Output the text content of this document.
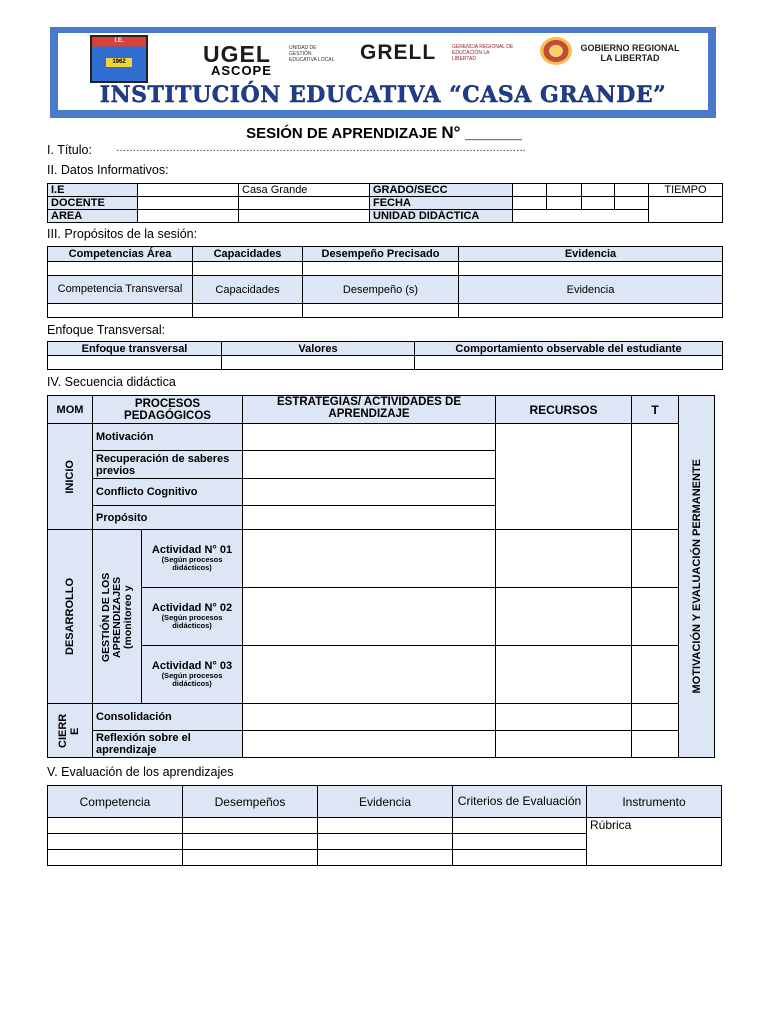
I.E.
1962	UGEL
ASCOPE
UNIDAD DE GESTIÓN EDUCATIVA LOCAL GRELL	GERENCIA REGIONAL DE EDUCACIÓN LA LIBERTAD
GOBIERNO REGIONAL LA LIBERTAD
INSTITUCIÓN EDUCATIVA “CASA GRANDE”
SESIÓN DE APRENDIZAJE N° ______
I. Título: ……………………………………………………………………………………………………………
II. Datos Informativos:
I.E		Casa Grande	GRADO/SECC					TIEMPO
DOCENTE			FECHA					
AREA			UNIDAD DIDÁCTICA					
III. Propósitos de la sesión:
Competencias Área	Capacidades	Desempeño Precisado	Evidencia

Competencia Transversal	Capacidades	Desempeño (s)	Evidencia

Enfoque Transversal:
Enfoque transversal	Valores	Comportamiento observable del estudiante

IV. Secuencia didáctica
MOM	PROCESOS PEDAGÓGICOS		ESTRATEGIAS/ ACTIVIDADES DE APRENDIZAJE	RECURSOS	T	MOTIVACIÓN Y EVALUACIÓN PERMANENTE

INICIO	Motivación					
	Recuperación de saberes previos					
	Conflicto Cognitivo					
	Propósito					

DESARROLLO	GESTIÓN DE LOS APRENDIZAJES (monitoreo y	Actividad N° 01
(Según procesos didácticos)				

		Actividad N° 02
(Según procesos didácticos)				

		Actividad N° 03
(Según procesos didácticos)				

CIERR E	Consolidación					
	Reflexión sobre el aprendizaje					
V. Evaluación de los aprendizajes
Competencia	Desempeños	Evidencia	Criterios de Evaluación	Instrumento
				Rúbrica
